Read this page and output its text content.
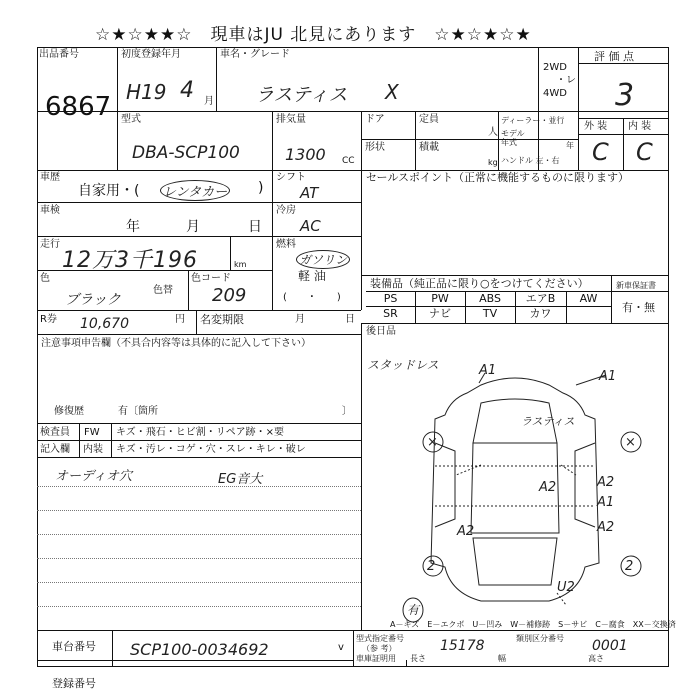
☆★☆★★☆　現車はJU 北見にあります　☆★☆★☆★
出品番号
6867
初度登録年月
H19 4 月
車名・グレード
ラスティス X
2WD
・レ
4WD
評 価 点
3
外 装 内 装
C C
型式
DBA-SCP100
排気量
1300 CC
ドア	定員
人
ディーラー・並行
モデル年式	年
ハンドル 左・右
形状	積載
kg
車歴
自家用・( レンタカー )
シフト
AT
車検
年	月	日
冷房
AC
走行
12万3千196	km
燃料
ガソリン
軽 油
(　　・　　)
色
ブラック
色替
色コード
209
セールスポイント（正常に機能するものに限ります）
装備品（純正品に限り○をつけてください）	新車保証書
有・無
PS	PW	ABS	エアB	AW
SR	ナビ	TV	カワ
後日品
R券 10,670	円 名変期限	月	日
注意事項申告欄（不具合内容等は具体的に記入して下さい）
修復歴	有〔箇所	〕
検査員 FW キズ・飛石・ヒビ割・リペア跡・×要
記入欄 内装 キズ・汚レ・コゲ・穴・スレ・キレ・破レ
オーディオ穴	EG音大
スタッドレス	A1	A1
A2
A1
A2
A2
U2
2	2
×	×
A2
ラスティス
有
A－キズ　E－エクボ　U－凹み　W－補修跡　S－サビ　C－腐食　XX－交換済
車台番号 SCP100-0034692	v
登録番号
型式指定番号
（参 考）	15178	類別区分番号 0001
車庫証明用 長さ	幅	高さ
